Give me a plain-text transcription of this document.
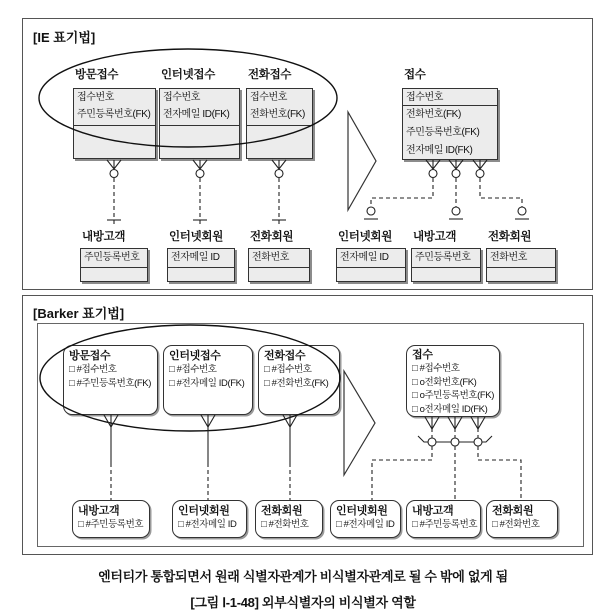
[IE 표기법]
[Barker 표기법]
방문접수
접수번호
주민등록번호(FK)
인터넷접수
접수번호
전자메일 ID(FK)
전화접수
접수번호
전화번호(FK)
내방고객
주민등록번호
인터넷회원
전자메일 ID
전화회원
전화번호
접수
접수번호
전화번호(FK)
주민등록번호(FK)
전자메일 ID(FK)
인터넷회원
전자메일 ID
내방고객
주민등록번호
전화회원
전화번호
방문접수
□ #접수번호
□ #주민등록번호(FK)
인터넷접수
□ #접수번호
□ #전자메일 ID(FK)
전화접수
□ #접수번호
□ #전화번호(FK)
내방고객
□ #주민등록번호
인터넷회원
□ #전자메일 ID
전화회원
□ #전화번호
접수
□ #접수번호
□ o전화번호(FK)
□ o주민등록번호(FK)
□ o전자메일 ID(FK)
인터넷회원
□ #전자메일 ID
내방고객
□ #주민등록번호
전화회원
□ #전화번호
엔터티가 통합되면서 원래 식별자관계가 비식별자관계로 될 수 밖에 없게 됨
[그림 Ⅰ-1-48] 외부식별자의 비식별자 역할
